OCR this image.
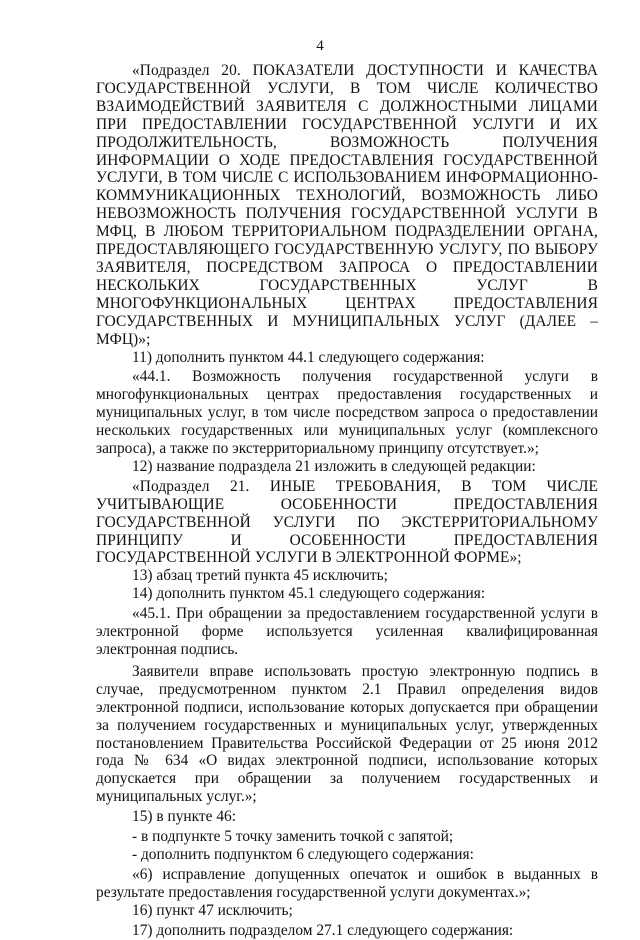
4

«Подраздел 20. ПОКАЗАТЕЛИ ДОСТУПНОСТИ И КАЧЕСТВА ГОСУДАРСТВЕННОЙ УСЛУГИ, В ТОМ ЧИСЛЕ КОЛИЧЕСТВО ВЗАИМОДЕЙСТВИЙ ЗАЯВИТЕЛЯ С ДОЛЖНОСТНЫМИ ЛИЦАМИ ПРИ ПРЕДОСТАВЛЕНИИ ГОСУДАРСТВЕННОЙ УСЛУГИ И ИХ ПРОДОЛЖИТЕЛЬНОСТЬ, ВОЗМОЖНОСТЬ ПОЛУЧЕНИЯ ИНФОРМАЦИИ О ХОДЕ ПРЕДОСТАВЛЕНИЯ ГОСУДАРСТВЕННОЙ УСЛУГИ, В ТОМ ЧИСЛЕ С ИСПОЛЬЗОВАНИЕМ ИНФОРМАЦИОННО-КОММУНИКАЦИОННЫХ ТЕХНОЛОГИЙ, ВОЗМОЖНОСТЬ ЛИБО НЕВОЗМОЖНОСТЬ ПОЛУЧЕНИЯ ГОСУДАРСТВЕННОЙ УСЛУГИ В МФЦ, В ЛЮБОМ ТЕРРИТОРИАЛЬНОМ ПОДРАЗДЕЛЕНИИ ОРГАНА, ПРЕДОСТАВЛЯЮЩЕГО ГОСУДАРСТВЕННУЮ УСЛУГУ, ПО ВЫБОРУ ЗАЯВИТЕЛЯ, ПОСРЕДСТВОМ ЗАПРОСА О ПРЕДОСТАВЛЕНИИ НЕСКОЛЬКИХ ГОСУДАРСТВЕННЫХ УСЛУГ В МНОГОФУНКЦИОНАЛЬНЫХ ЦЕНТРАХ ПРЕДОСТАВЛЕНИЯ ГОСУДАРСТВЕННЫХ И МУНИЦИПАЛЬНЫХ УСЛУГ (ДАЛЕЕ – МФЦ)»;

11) дополнить пунктом 44.1 следующего содержания:

«44.1. Возможность получения государственной услуги в многофункциональных центрах предоставления государственных и муниципальных услуг, в том числе посредством запроса о предоставлении нескольких государственных или муниципальных услуг (комплексного запроса), а также по экстерриториальному принципу отсутствует.»;

12) название подраздела 21 изложить в следующей редакции:

«Подраздел 21. ИНЫЕ ТРЕБОВАНИЯ, В ТОМ ЧИСЛЕ УЧИТЫВАЮЩИЕ ОСОБЕННОСТИ ПРЕДОСТАВЛЕНИЯ ГОСУДАРСТВЕННОЙ УСЛУГИ ПО ЭКСТЕРРИТОРИАЛЬНОМУ ПРИНЦИПУ И ОСОБЕННОСТИ ПРЕДОСТАВЛЕНИЯ ГОСУДАРСТВЕННОЙ УСЛУГИ В ЭЛЕКТРОННОЙ ФОРМЕ»;

13) абзац третий пункта 45 исключить;

14) дополнить пунктом 45.1 следующего содержания:

«45.1. При обращении за предоставлением государственной услуги в электронной форме используется усиленная квалифицированная электронная подпись.

Заявители вправе использовать простую электронную подпись в случае, предусмотренном пунктом 2.1 Правил определения видов электронной подписи, использование которых допускается при обращении за получением государственных и муниципальных услуг, утвержденных постановлением Правительства Российской Федерации от 25 июня 2012 года № 634 «О видах электронной подписи, использование которых допускается при обращении за получением государственных и муниципальных услуг.»;

15) в пункте 46:

- в подпункте 5 точку заменить точкой с запятой;

- дополнить подпунктом 6 следующего содержания:

«6) исправление допущенных опечаток и ошибок в выданных в результате предоставления государственной услуги документах.»;

16) пункт 47 исключить;

17) дополнить подразделом 27.1 следующего содержания:
